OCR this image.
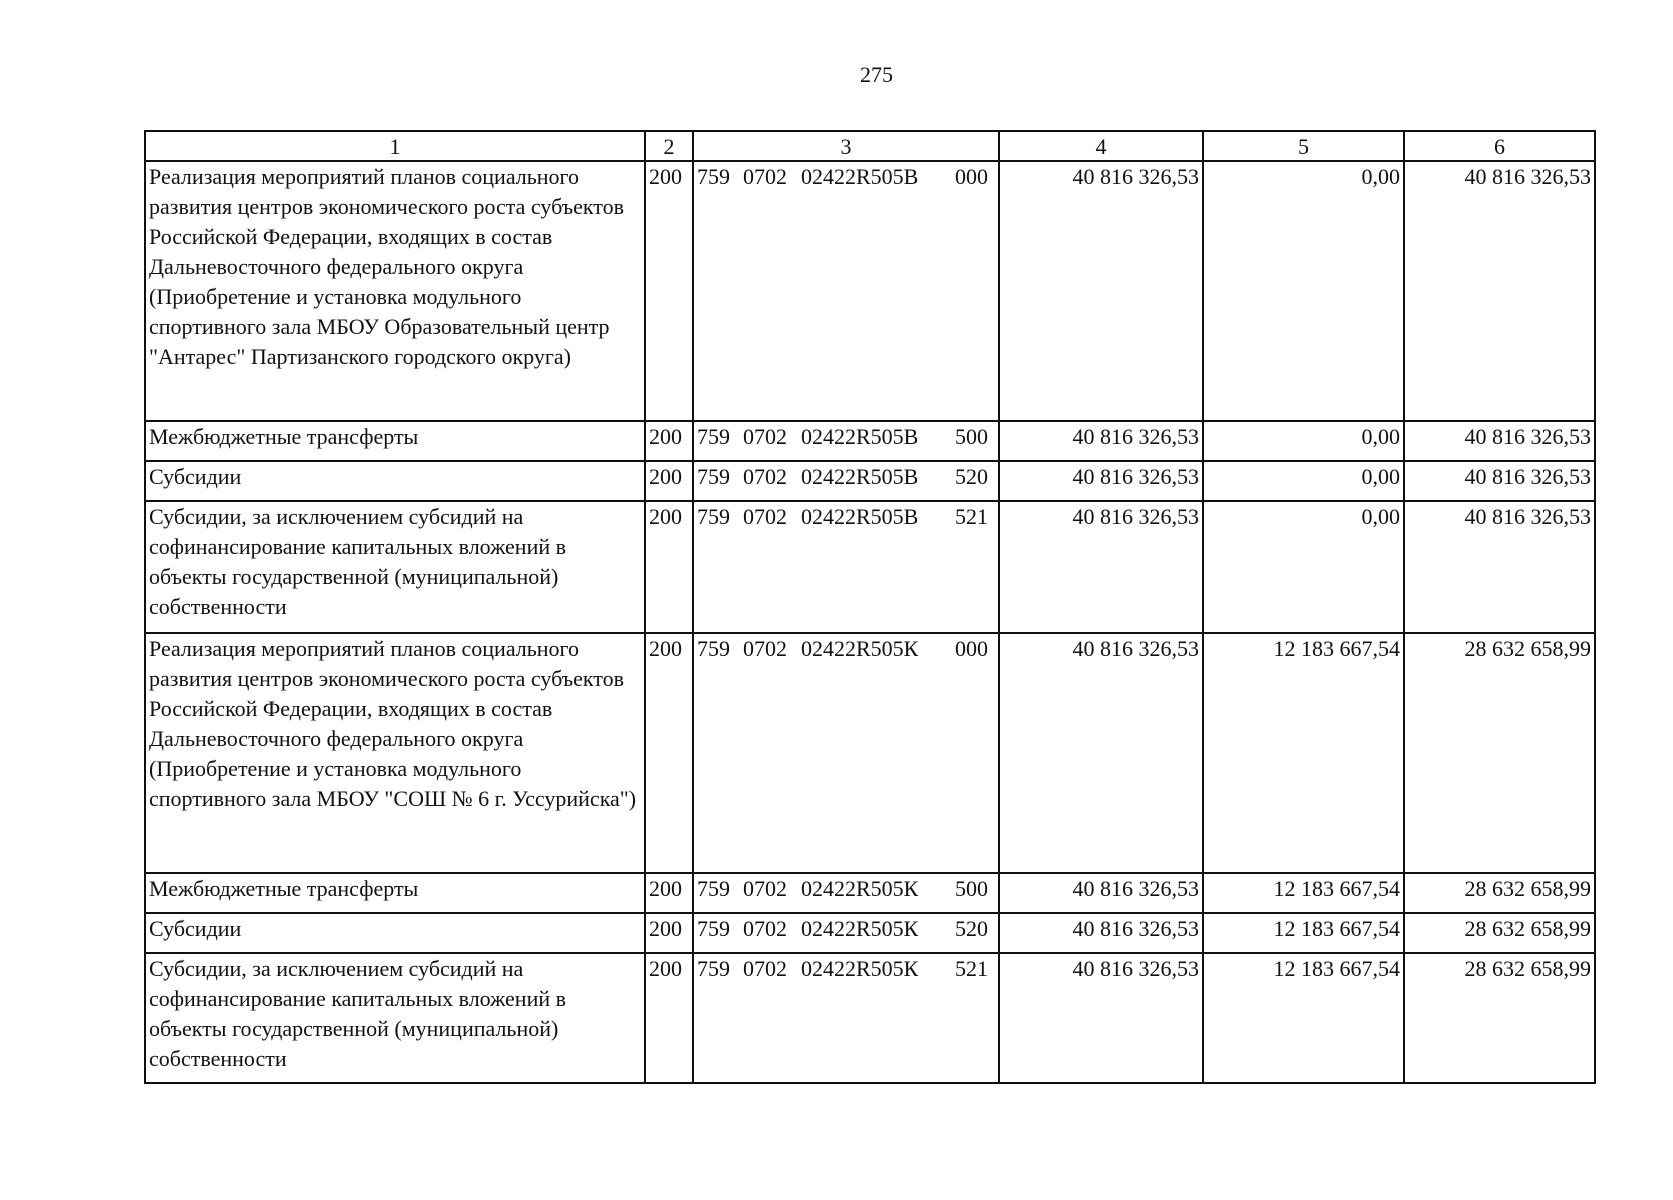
275
1	2	3	4	5	6
Реализация мероприятий планов социального развития центров экономического роста субъектов Российской Федерации, входящих в состав Дальневосточного федерального округа (Приобретение и установка модульного спортивного зала МБОУ Образовательный центр "Антарес" Партизанского городского округа)	200	759 0702 02422R505В 000	40 816 326,53	0,00	40 816 326,53
Межбюджетные трансферты	200	759 0702 02422R505В 500	40 816 326,53	0,00	40 816 326,53
Субсидии	200	759 0702 02422R505В 520	40 816 326,53	0,00	40 816 326,53
Субсидии, за исключением субсидий на софинансирование капитальных вложений в объекты государственной (муниципальной) собственности	200	759 0702 02422R505В 521	40 816 326,53	0,00	40 816 326,53
Реализация мероприятий планов социального развития центров экономического роста субъектов Российской Федерации, входящих в состав Дальневосточного федерального округа (Приобретение и установка модульного спортивного зала МБОУ "СОШ № 6 г. Уссурийска")	200	759 0702 02422R505К 000	40 816 326,53	12 183 667,54	28 632 658,99
Межбюджетные трансферты	200	759 0702 02422R505К 500	40 816 326,53	12 183 667,54	28 632 658,99
Субсидии	200	759 0702 02422R505К 520	40 816 326,53	12 183 667,54	28 632 658,99
Субсидии, за исключением субсидий на софинансирование капитальных вложений в объекты государственной (муниципальной) собственности	200	759 0702 02422R505К 521	40 816 326,53	12 183 667,54	28 632 658,99
